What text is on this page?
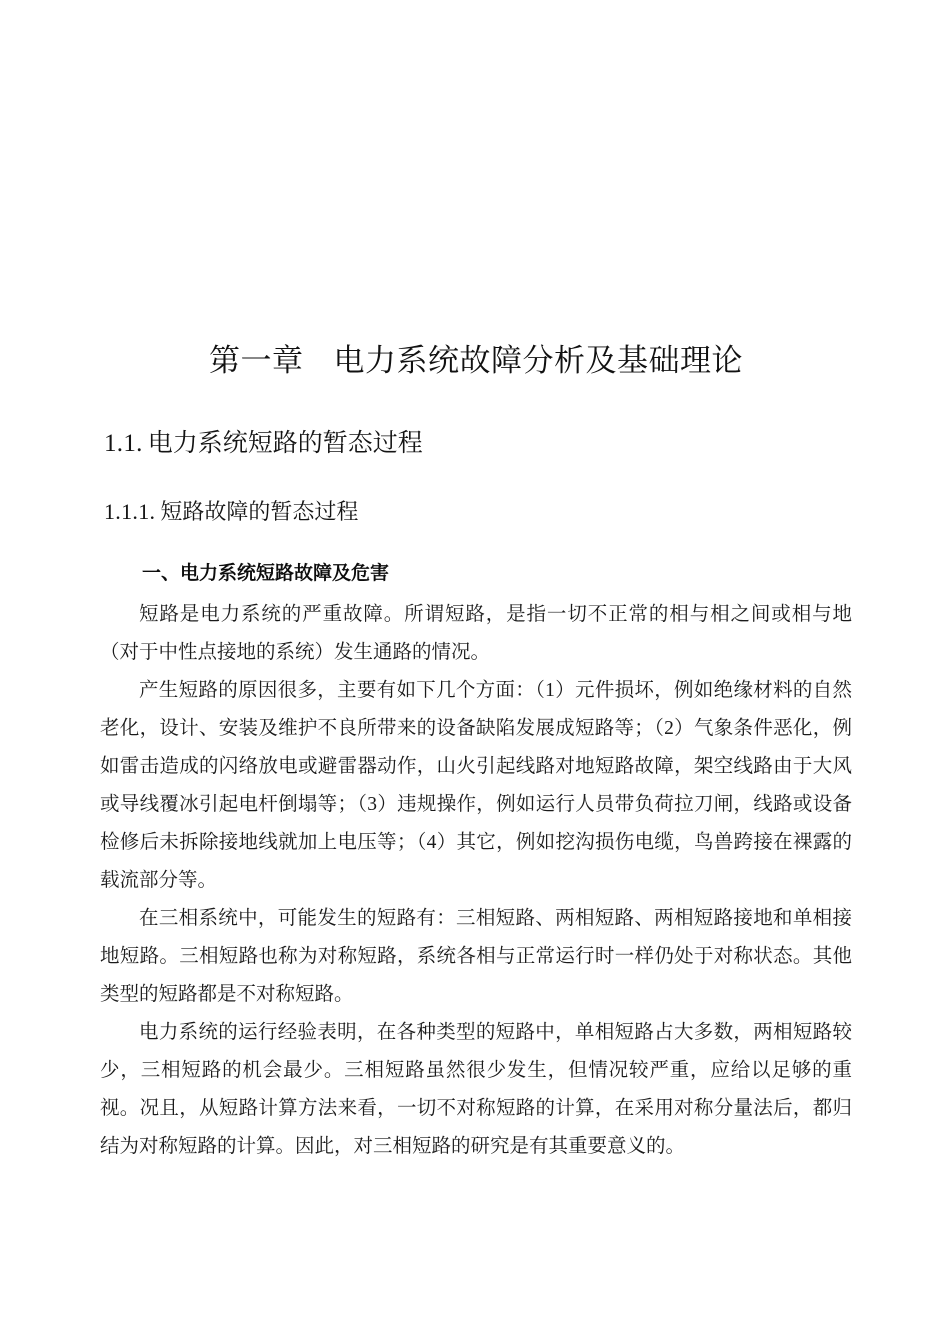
第一章 电力系统故障分析及基础理论
1.1. 电力系统短路的暂态过程
1.1.1. 短路故障的暂态过程
一、电力系统短路故障及危害

短路是电力系统的严重故障。所谓短路，是指一切不正常的相与相之间或相与地（对于中性点接地的系统）发生通路的情况。

产生短路的原因很多，主要有如下几个方面：（1）元件损坏，例如绝缘材料的自然老化，设计、安装及维护不良所带来的设备缺陷发展成短路等；（2）气象条件恶化，例如雷击造成的闪络放电或避雷器动作，山火引起线路对地短路故障，架空线路由于大风或导线覆冰引起电杆倒塌等；（3）违规操作，例如运行人员带负荷拉刀闸，线路或设备检修后未拆除接地线就加上电压等；（4）其它，例如挖沟损伤电缆，鸟兽跨接在裸露的载流部分等。

在三相系统中，可能发生的短路有：三相短路、两相短路、两相短路接地和单相接地短路。三相短路也称为对称短路，系统各相与正常运行时一样仍处于对称状态。其他类型的短路都是不对称短路。

电力系统的运行经验表明，在各种类型的短路中，单相短路占大多数，两相短路较少，三相短路的机会最少。三相短路虽然很少发生，但情况较严重，应给以足够的重视。况且，从短路计算方法来看，一切不对称短路的计算，在采用对称分量法后，都归结为对称短路的计算。因此，对三相短路的研究是有其重要意义的。
